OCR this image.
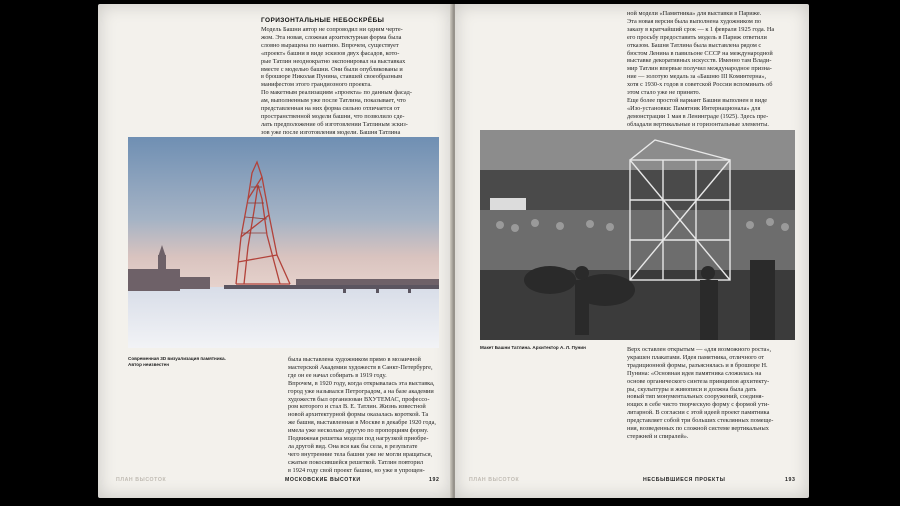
ГОРИЗОНТАЛЬНЫЕ НЕБОСКРЁБЫ

Модель Башни автор не сопроводил ни одним черте-

жом. Эта новая, сложная архитектурная форма была

словно выращена по наитию. Впрочем, существует

«проект» башни в виде эскизов двух фасадов, кото-

рые Татлин неоднократно экспонировал на выставках

вместе с моделью башни. Они были опубликованы и

в брошюре Николая Пунина, ставшей своеобразным

манифестом этого грандиозного проекта.

По макетным реализациям «проекта» по данным фасад-

ам, выполненным уже после Татлина, показывает, что

представленная на них форма сильно отличается от

пространственной модели башни, что позволило сде-

лать предположение об изготовлении Татлиным эскиз-

зов уже после изготовления модели. Башня Татлина

Современная 3D визуализация памятника.
Автор неизвестен

была выставлена художником прямо в мозаичной

мастерской Академии художеств в Санкт-Петербурге,

где он ее начал собирать в 1919 году.

Впрочем, в 1920 году, когда открывалась эта выставка,

город уже назывался Петроградом, а на базе академии

художеств был организован ВХУТЕМАС, профессо-

ром которого и стал В. Е. Татлин. Жизнь известной

новой архитектурной формы оказалась короткой. Та

же башня, выставленная в Москве в декабре 1920 года,

имела уже несколько другую по пропорциям форму.

Подвижная решетка модели под нагрузкой приобре-

ла другой вид. Она вся как бы села, в результате

чего внутренние тела башни уже не могли вращаться,

сжатые покосившейся решеткой. Татлин повторил

в 1924 году свой проект башни, но уже в упрощен-

ПЛАН ВЫСОТОК	МОСКОВСКИЕ ВЫСОТКИ	192

ной модели «Памятника» для выставки в Париже.

Эта новая версия была выполнена художником по

заказу в кратчайший срок — к 1 февраля 1925 года. На

его просьбу предоставить модель в Париж ответили

отказом. Башня Татлина была выставлена рядом с

бюстом Ленина в павильоне СССР на международной

выставке декоративных искусств. Именно там Влади-

мир Татлин впервые получил международное призна-

ние — золотую медаль за «Башню III Коминтерна»,

хотя с 1930-х годов в советской России вспоминать об

этом стало уже не принято.

Еще более простой вариант Башни выполнен в виде

«Изо-установки: Памятник Интернационала» для

демонстрации 1 мая в Ленинграде (1925). Здесь пре-

обладали вертикальные и горизонтальные элементы.

Макет Башни Татлина. Архитектор А. Л. Пунин	Верх оставлен открытым — «для возможного роста»,

украшен плакатами. Идея памятника, отличного от

традиционной формы, разъяснялась и в брошюре Н.

Пунина: «Основная идея памятника сложилась на

основе органического синтеза принципов архитекту-

ры, скульптуры и живописи и должна была дать

новый тип монументальных сооружений, соединя-

ющих в себе чисто творческую форму с формой ути-

литарной. В согласии с этой идеей проект памятника

представляет собой три больших стеклянных помеще-

ния, возведенных по сложной системе вертикальных

стержней и спиралей».

ПЛАН ВЫСОТОК	НЕСБЫВШИЕСЯ ПРОЕКТЫ	193
